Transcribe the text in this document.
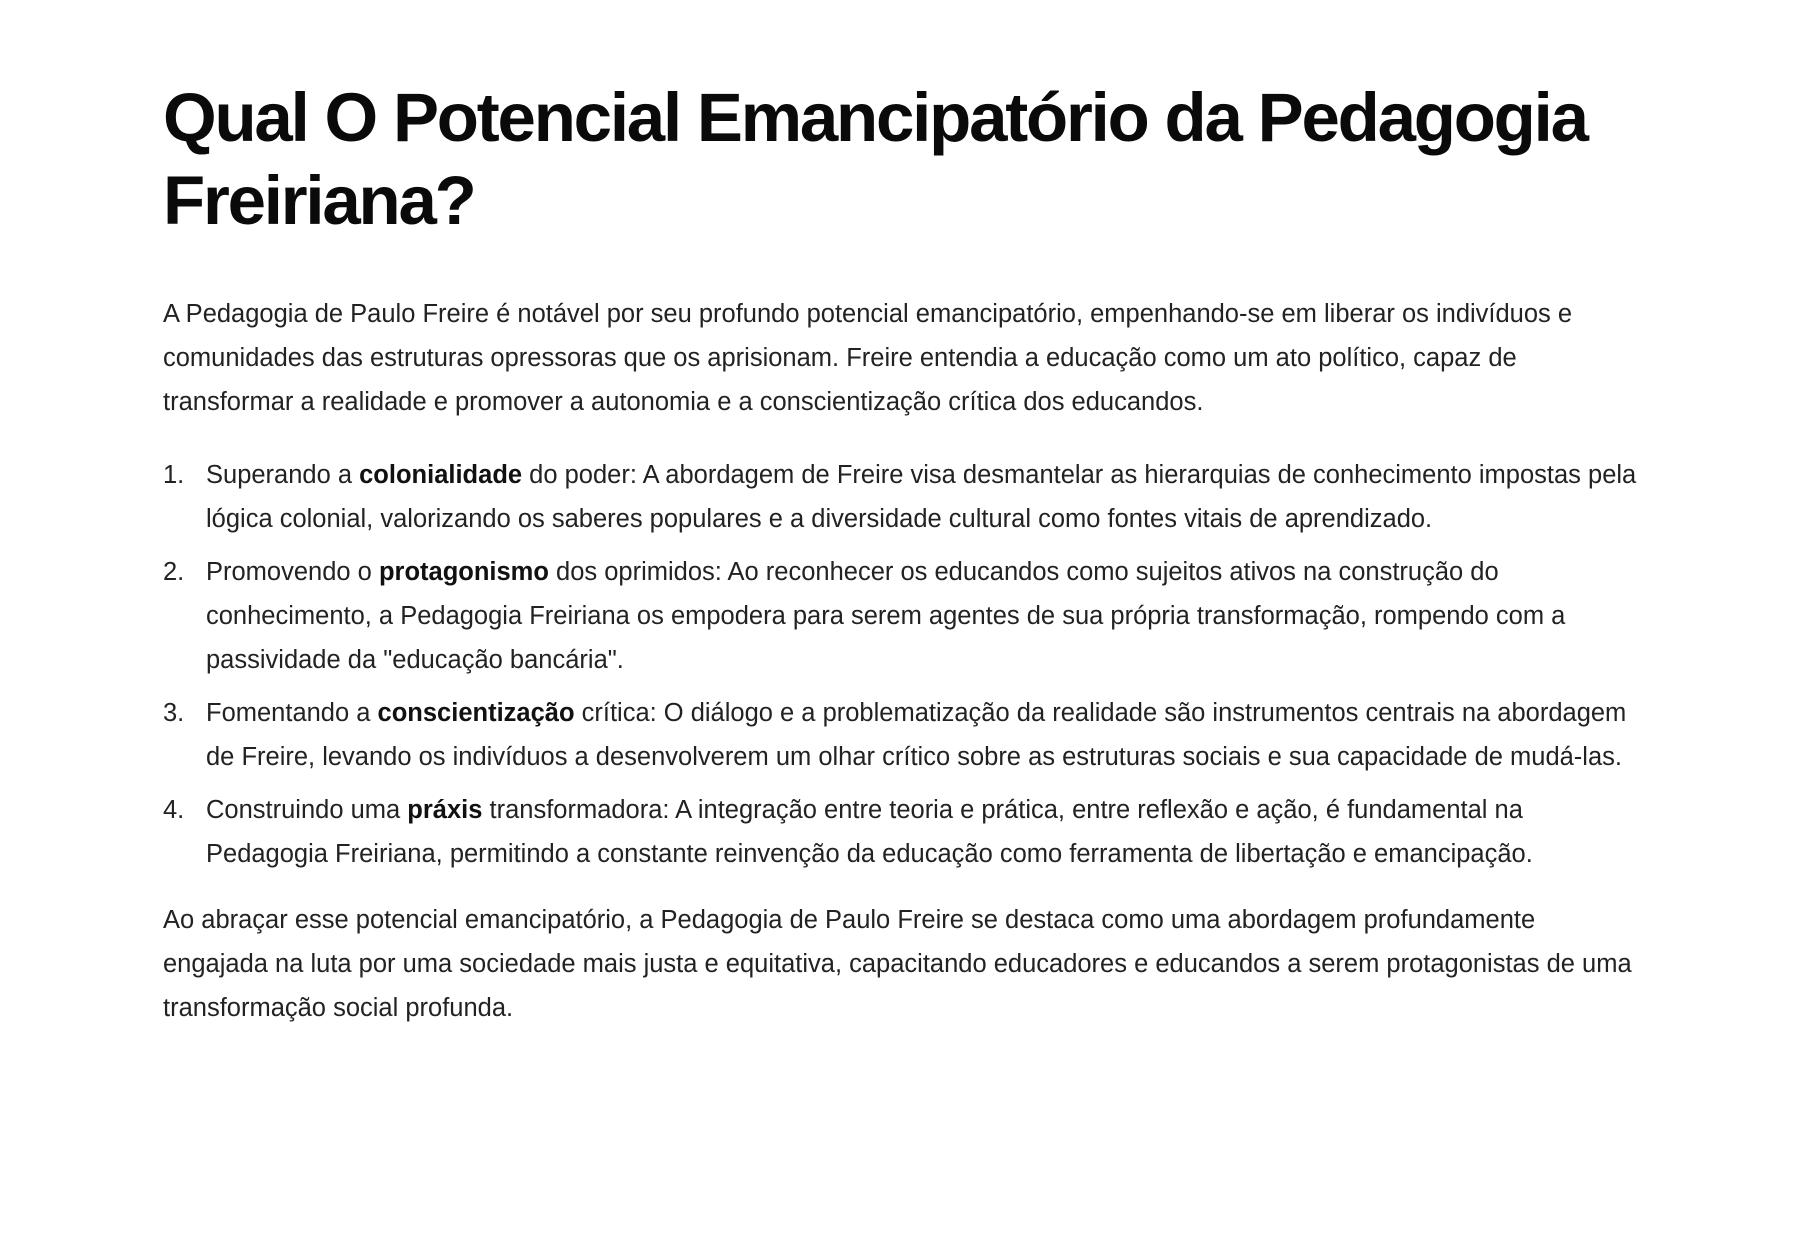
Qual O Potencial Emancipatório da Pedagogia Freiriana?

A Pedagogia de Paulo Freire é notável por seu profundo potencial emancipatório, empenhando-se em liberar os indivíduos e comunidades das estruturas opressoras que os aprisionam. Freire entendia a educação como um ato político, capaz de transformar a realidade e promover a autonomia e a conscientização crítica dos educandos.

1. Superando a colonialidade do poder: A abordagem de Freire visa desmantelar as hierarquias de conhecimento impostas pela lógica colonial, valorizando os saberes populares e a diversidade cultural como fontes vitais de aprendizado.
2. Promovendo o protagonismo dos oprimidos: Ao reconhecer os educandos como sujeitos ativos na construção do conhecimento, a Pedagogia Freiriana os empodera para serem agentes de sua própria transformação, rompendo com a passividade da "educação bancária".
3. Fomentando a conscientização crítica: O diálogo e a problematização da realidade são instrumentos centrais na abordagem de Freire, levando os indivíduos a desenvolverem um olhar crítico sobre as estruturas sociais e sua capacidade de mudá-las.
4. Construindo uma práxis transformadora: A integração entre teoria e prática, entre reflexão e ação, é fundamental na Pedagogia Freiriana, permitindo a constante reinvenção da educação como ferramenta de libertação e emancipação.

Ao abraçar esse potencial emancipatório, a Pedagogia de Paulo Freire se destaca como uma abordagem profundamente engajada na luta por uma sociedade mais justa e equitativa, capacitando educadores e educandos a serem protagonistas de uma transformação social profunda.
